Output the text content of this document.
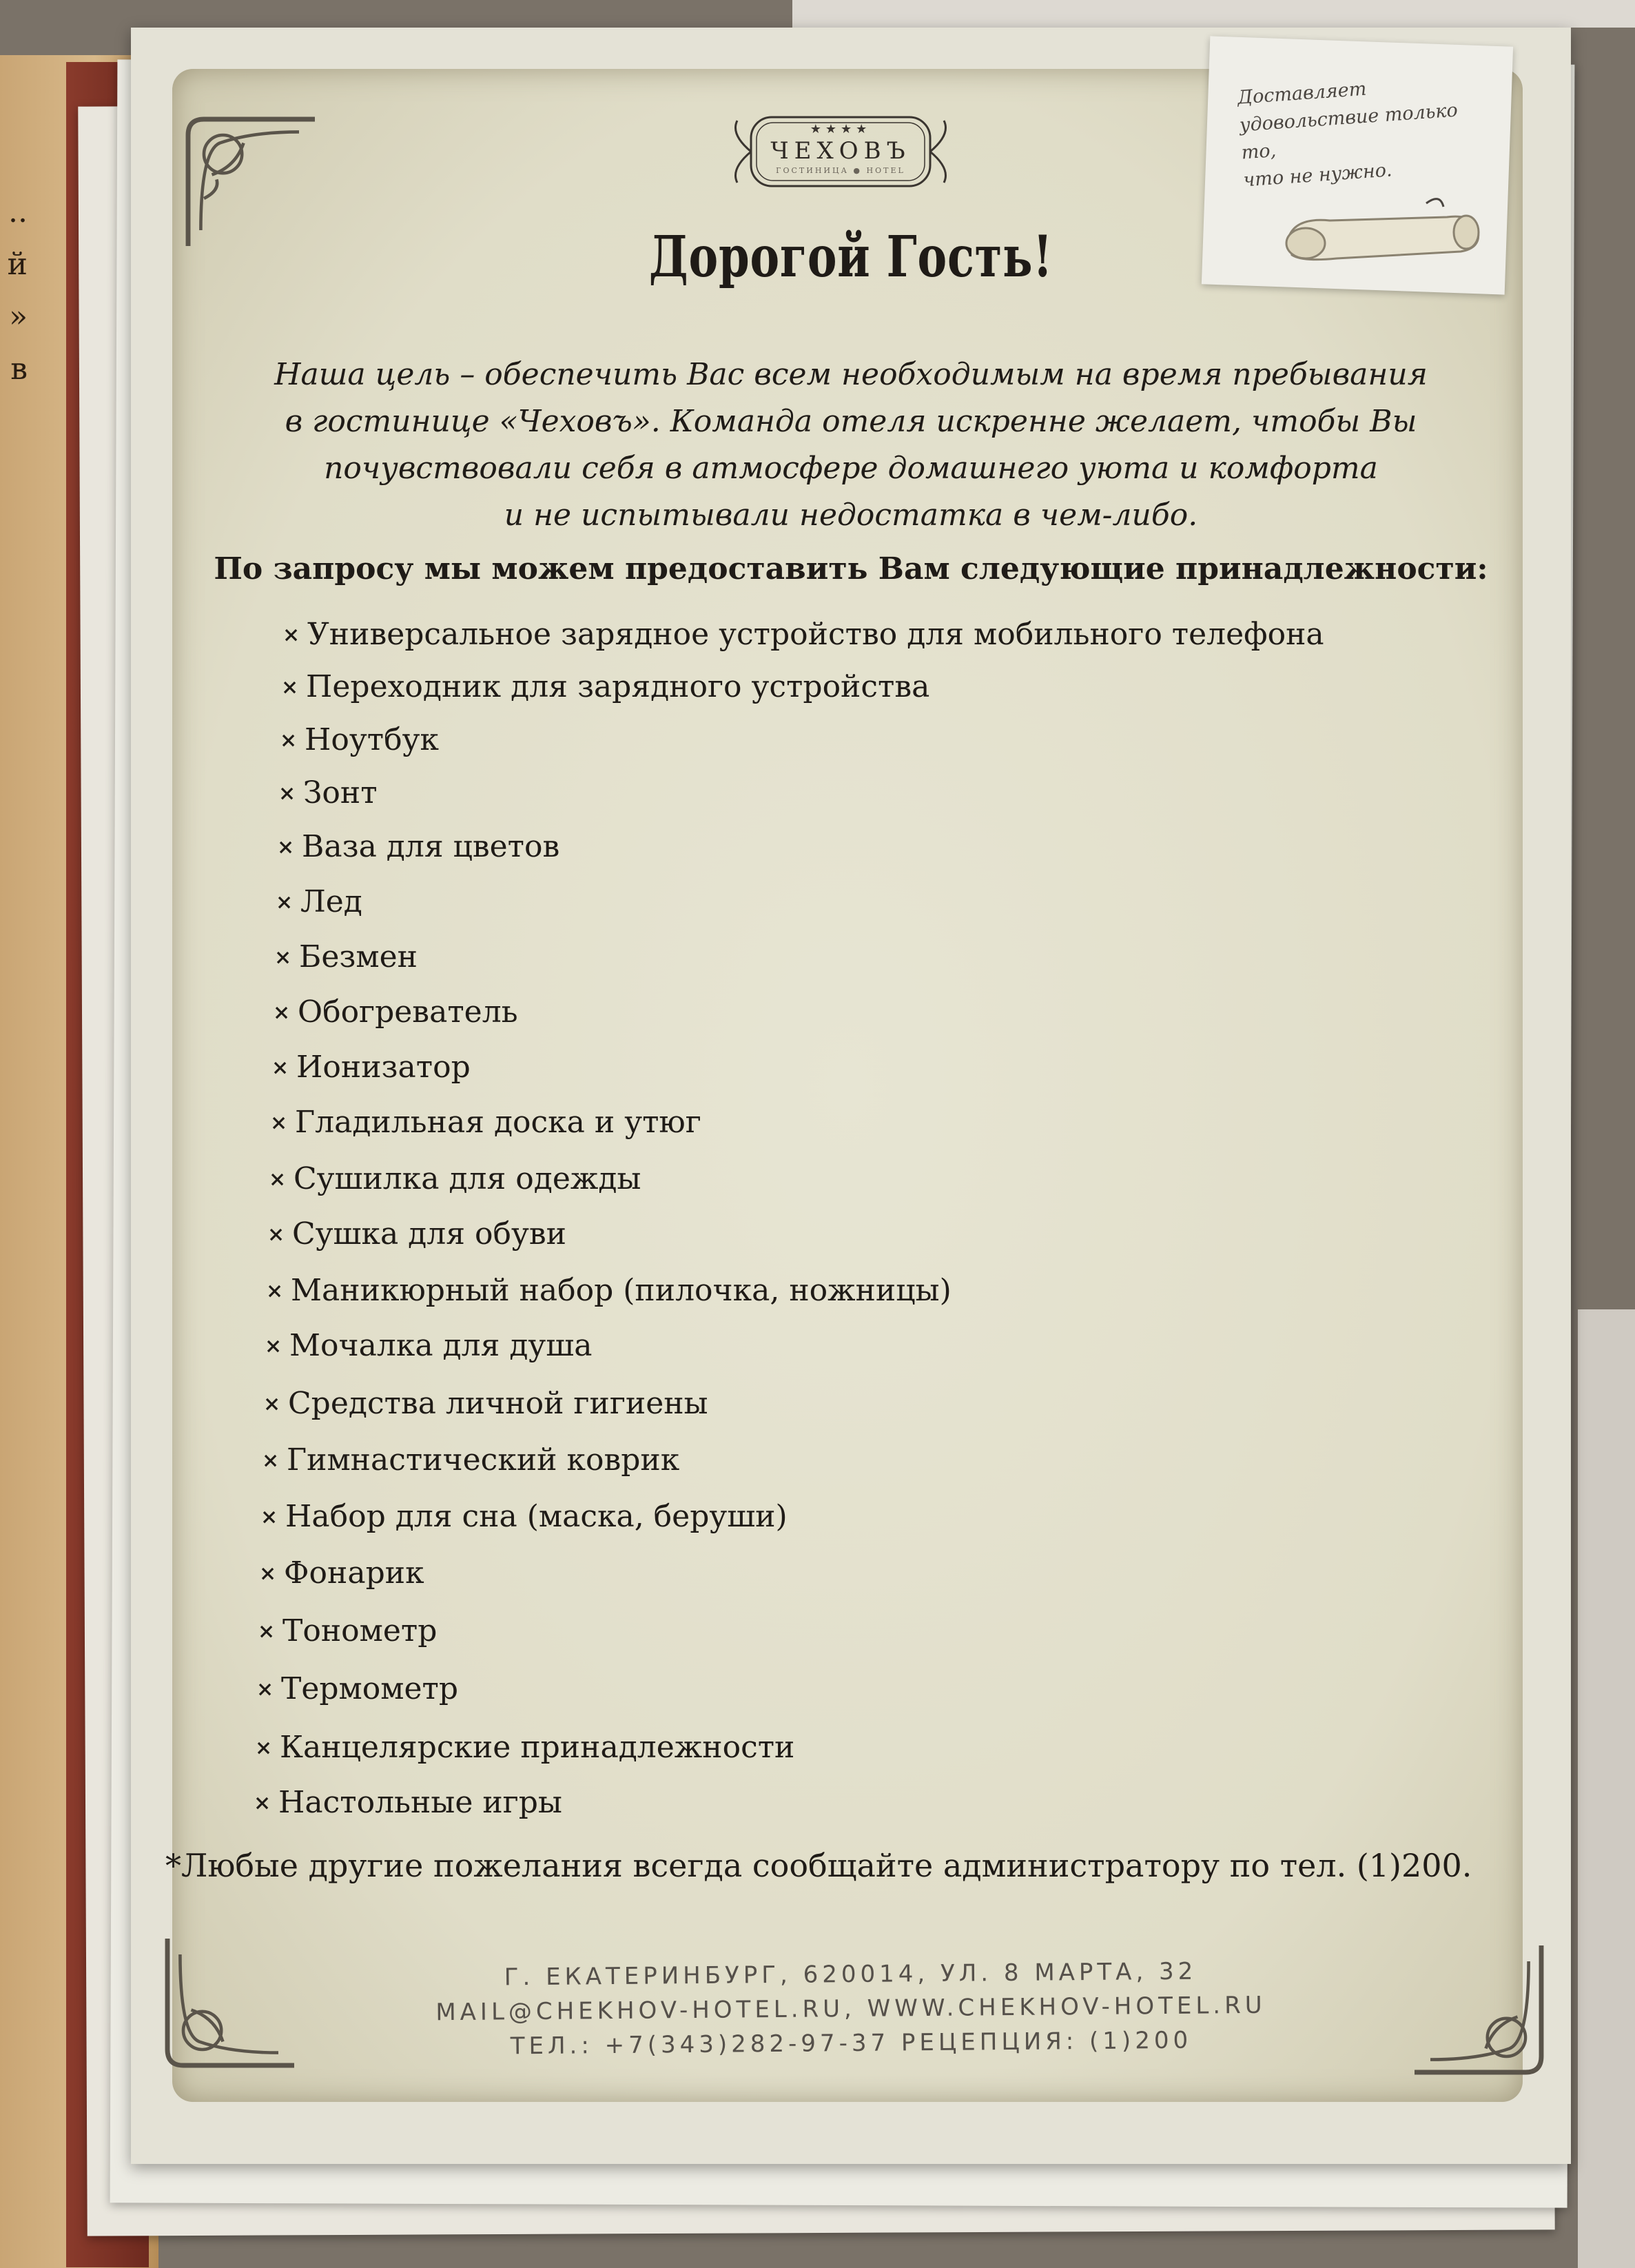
..
й
»
в
★★★★
ЧЕХОВЪ
ГОСТИНИЦА ● HOTEL
Доставляет
удовольствие только то,
что не нужно.
Дорогой Гость!
Наша цель – обеспечить Вас всем необходимым на время пребывания
в гостинице «Чеховъ». Команда отеля искренне желает, чтобы Вы
почувствовали себя в атмосфере домашнего уюта и комфорта
и не испытывали недостатка в чем-либо.
По запросу мы можем предоставить Вам следующие принадлежности:
× Универсальное зарядное устройство для мобильного телефона
× Переходник для зарядного устройства
× Ноутбук
× Зонт
× Ваза для цветов
× Лед
× Безмен
× Обогреватель
× Ионизатор
× Гладильная доска и утюг
× Сушилка для одежды
× Сушка для обуви
× Маникюрный набор (пилочка, ножницы)
× Мочалка для душа
× Средства личной гигиены
× Гимнастический коврик
× Набор для сна (маска, беруши)
× Фонарик
× Тонометр
× Термометр
× Канцелярские принадлежности
× Настольные игры
*Любые другие пожелания всегда сообщайте администратору по тел. (1)200.
Г. ЕКАТЕРИНБУРГ, 620014, УЛ. 8 МАРТА, 32
MAIL@CHEKHOV-HOTEL.RU, WWW.CHEKHOV-HOTEL.RU
ТЕЛ.: +7(343)282-97-37 РЕЦЕПЦИЯ: (1)200
